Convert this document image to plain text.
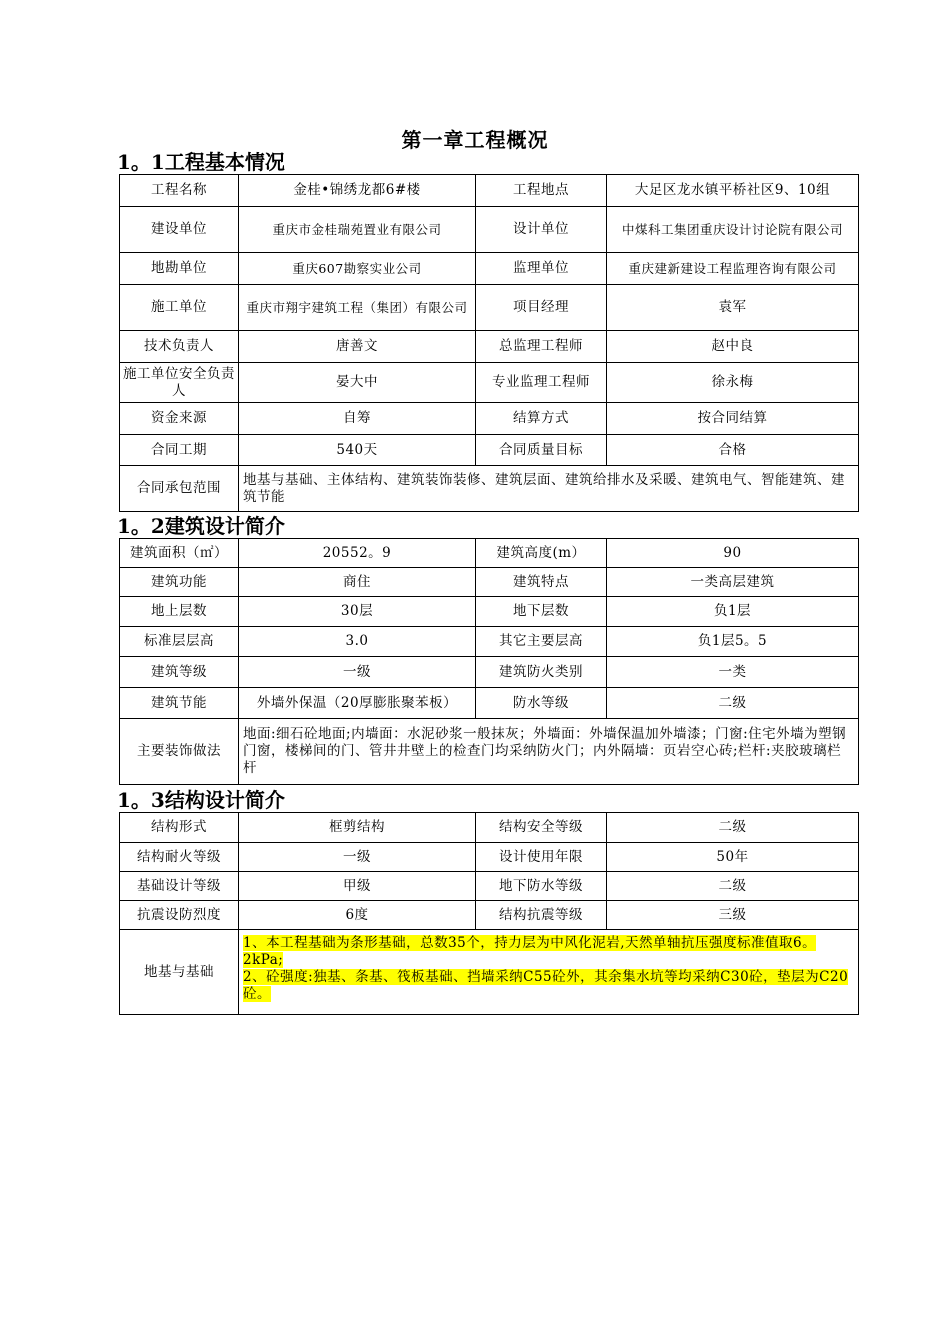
第一章工程概况
1。1工程基本情况
工程名称	金桂•锦绣龙都6#楼	工程地点	大足区龙水镇平桥社区9、10组
建设单位	重庆市金桂瑞苑置业有限公司	设计单位	中煤科工集团重庆设计讨论院有限公司
地勘单位	重庆607勘察实业公司	监理单位	重庆建新建设工程监理咨询有限公司
施工单位	重庆市翔宇建筑工程（集团）有限公司	项目经理	袁军
技术负责人	唐善文	总监理工程师	赵中良
施工单位安全负责人	晏大中	专业监理工程师	徐永梅
资金来源	自筹	结算方式	按合同结算
合同工期	540天	合同质量目标	合格
合同承包范围	地基与基础、主体结构、建筑装饰装修、建筑层面、建筑给排水及采暖、建筑电气、智能建筑、建筑节能		
1。2建筑设计简介
建筑面积（㎡）	20552。9	建筑高度(m）	90
建筑功能	商住	建筑特点	一类高层建筑
地上层数	30层	地下层数	负1层
标准层层高	3.0	其它主要层高	负1层5。5
建筑等级	一级	建筑防火类别	一类
建筑节能	外墙外保温（20厚膨胀聚苯板）	防水等级	二级
主要装饰做法	地面:细石砼地面;内墙面：水泥砂浆一般抹灰；外墙面：外墙保温加外墙漆；门窗:住宅外墙为塑钢门窗，楼梯间的门、管井井壁上的检查门均采纳防火门；内外隔墙：页岩空心砖;栏杆:夹胶玻璃栏杆		
1。3结构设计简介
结构形式	框剪结构	结构安全等级	二级
结构耐火等级	一级	设计使用年限	50年
基础设计等级	甲级	地下防水等级	二级
抗震设防烈度	6度	结构抗震等级	三级
地基与基础	1、本工程基础为条形基础，总数35个，持力层为中风化泥岩,天然单轴抗压强度标准值取6。2kPa;
2、砼强度:独基、条基、筏板基础、挡墙采纳C55砼外，其余集水坑等均采纳C30砼，垫层为C20砼。		
